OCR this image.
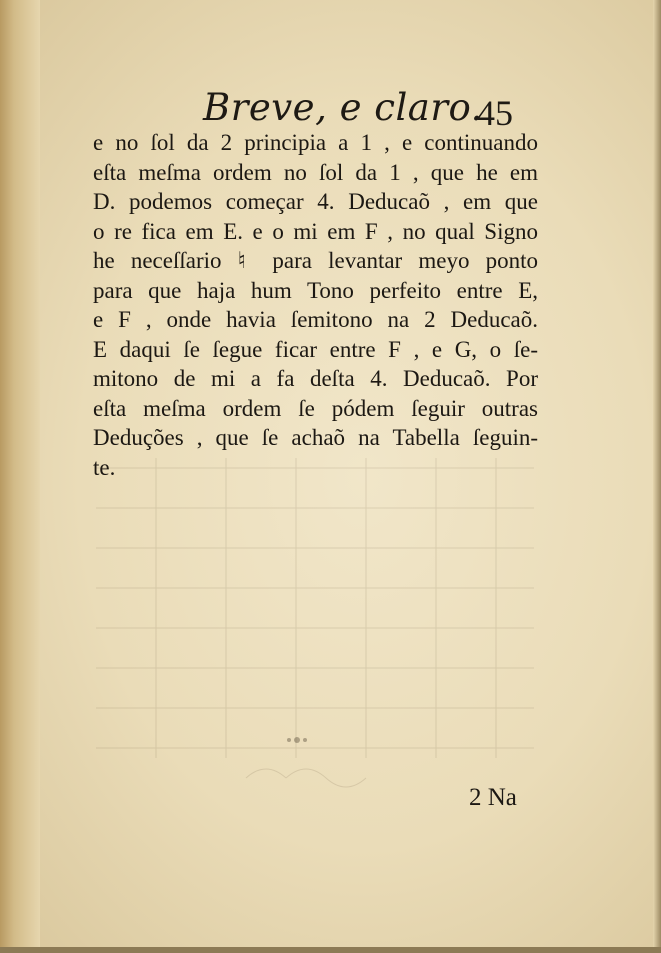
Breve, e claro.
45
e no ſol da 2 principia a 1 , e continuando
eſta meſma ordem no ſol da 1 , que he em
D. podemos começar 4. Deducaõ , em que
o re fica em E. e o mi em F , no qual Signo
he neceſſario ♮ para levantar meyo ponto
para que haja hum Tono perfeito entre E,
e F , onde havia ſemitono na 2 Deducaõ.
E daqui ſe ſegue ficar entre F , e G, o ſe-
mitono de mi a fa deſta 4. Deducaõ. Por
eſta meſma ordem ſe pódem ſeguir outras
Deduções , que ſe achaõ na Tabella ſeguin-
te.
2 Na
